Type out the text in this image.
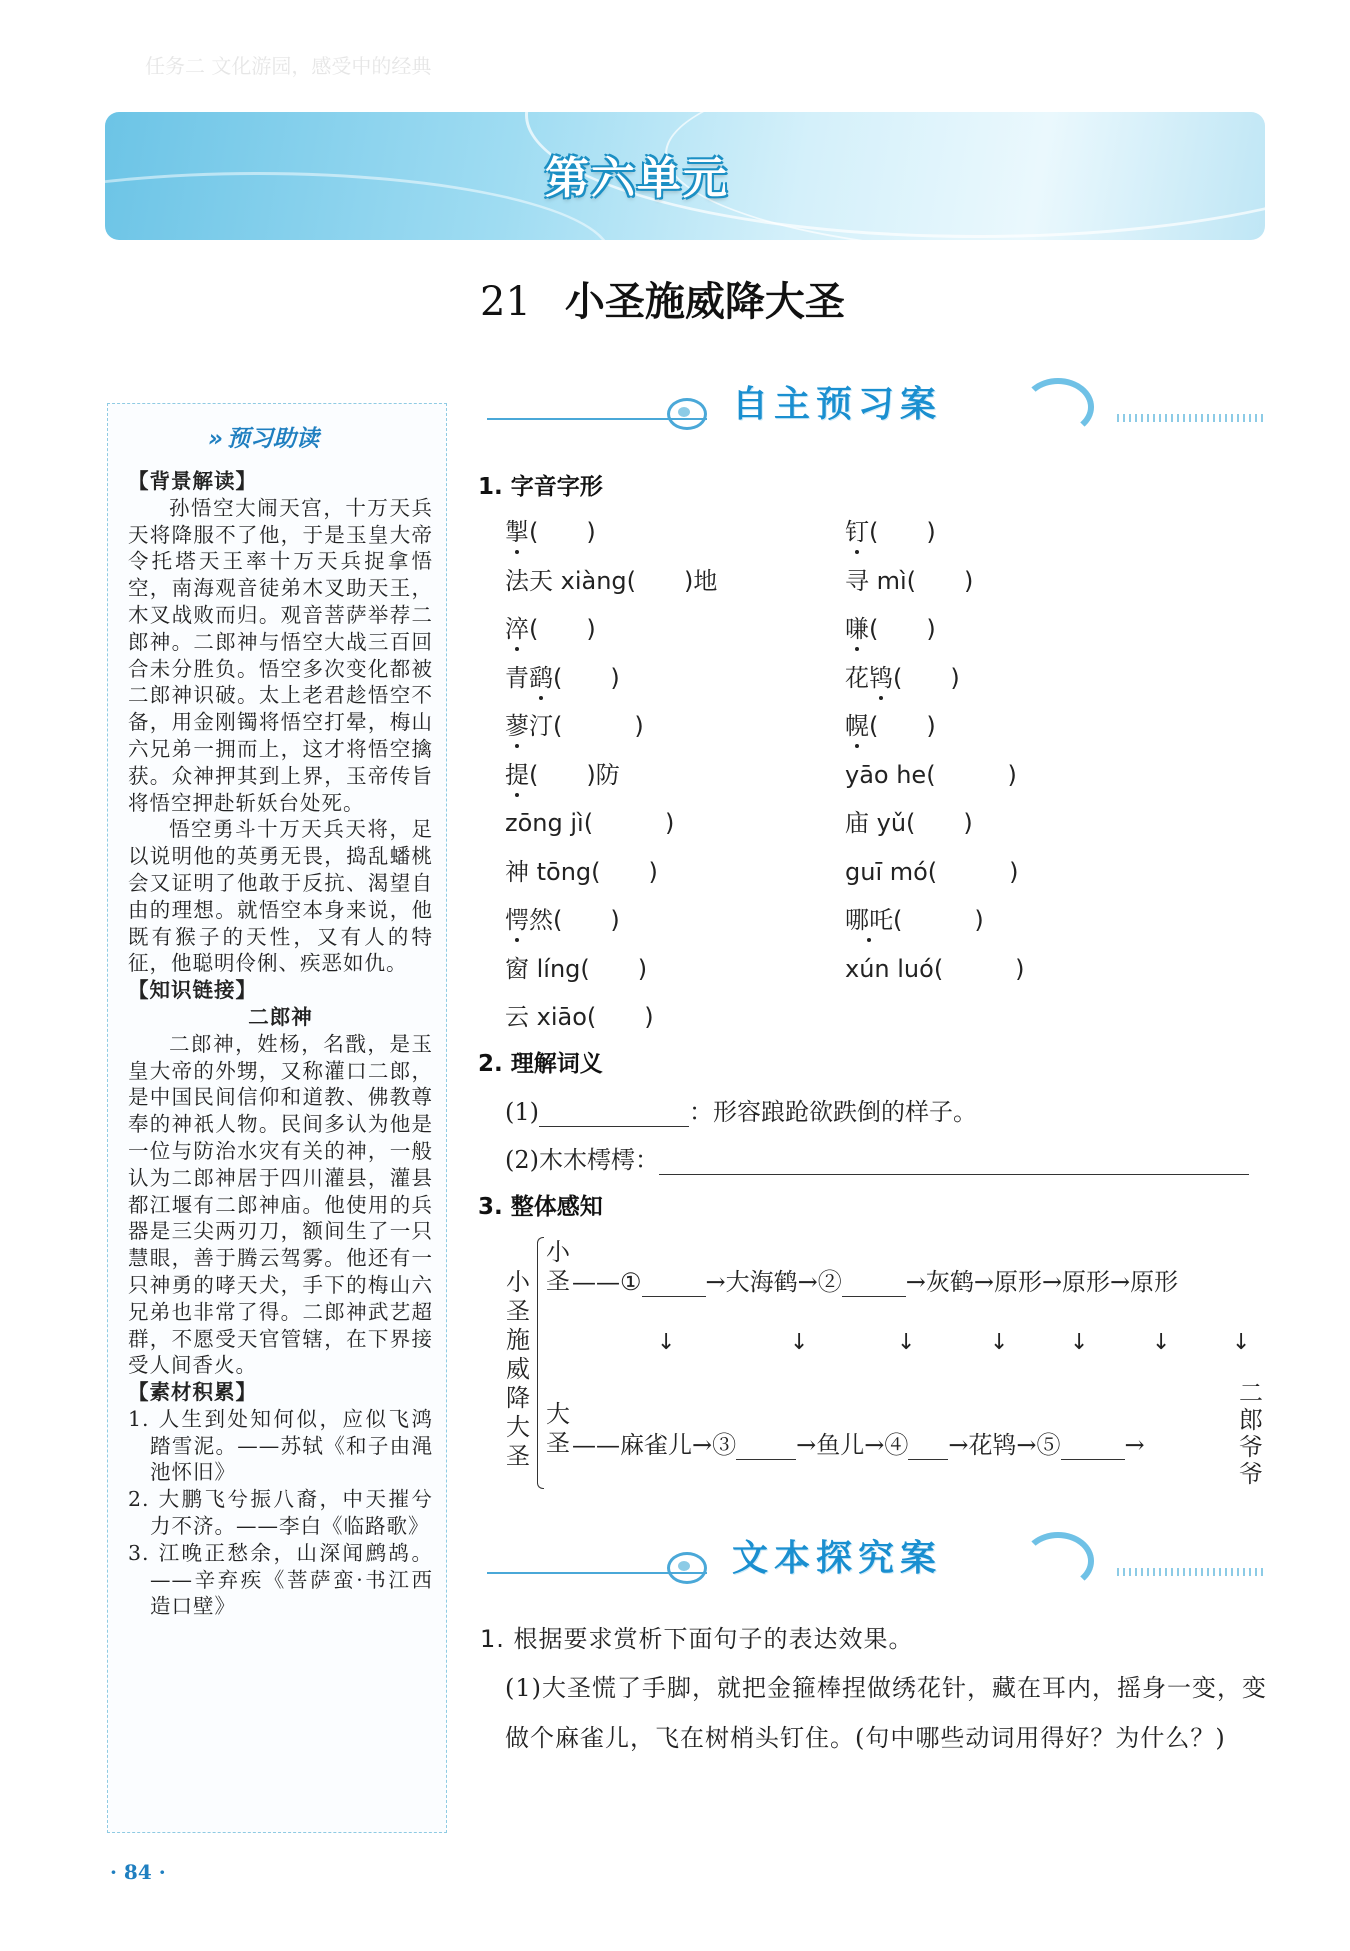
任务二 文化游园，感受中的经典
第六单元
21 小圣施威降大圣
» 预习助读
【背景解读】
孙悟空大闹天宫，十万天兵天将降服不了他，于是玉皇大帝令托塔天王率十万天兵捉拿悟空，南海观音徒弟木叉助天王，木叉战败而归。观音菩萨举荐二郎神。二郎神与悟空大战三百回合未分胜负。悟空多次变化都被二郎神识破。太上老君趁悟空不备，用金刚镯将悟空打晕，梅山六兄弟一拥而上，这才将悟空擒获。众神押其到上界，玉帝传旨将悟空押赴斩妖台处死。
悟空勇斗十万天兵天将，足以说明他的英勇无畏，捣乱蟠桃会又证明了他敢于反抗、渴望自由的理想。就悟空本身来说，他既有猴子的天性，又有人的特征，他聪明伶俐、疾恶如仇。
【知识链接】
二郎神
二郎神，姓杨，名戬，是玉皇大帝的外甥，又称灌口二郎，是中国民间信仰和道教、佛教尊奉的神祇人物。民间多认为他是一位与防治水灾有关的神，一般认为二郎神居于四川灌县，灌县都江堰有二郎神庙。他使用的兵器是三尖两刃刀，额间生了一只慧眼，善于腾云驾雾。他还有一只神勇的哮天犬，手下的梅山六兄弟也非常了得。二郎神武艺超群，不愿受天官管辖，在下界接受人间香火。
【素材积累】
1. 人生到处知何似，应似飞鸿踏雪泥。——苏轼《和子由渑池怀旧》
2. 大鹏飞兮振八裔，中天摧兮力不济。——李白《临路歌》
3. 江晚正愁余，山深闻鹧鸪。——辛弃疾《菩萨蛮·书江西造口壁》
自主预习案
1. 字音字形
掣(　　)
法天 xiàng(　　)地
淬(　　)
青鹞(　　)
蓼汀(　　　)
提(　　)防
zōng jì(　　　)
神 tōng(　　)
愕然(　　)
窗 líng(　　)
云 xiāo(　　)
钉(　　)
寻 mì(　　)
嗛(　　)
花鸨(　　)
幌(　　)
yāo he(　　　)
庙 yǔ(　　)
guī mó(　　　)
哪吒(　　　)
xún luó(　　　)
2. 理解词义
(1)	：形容踉跄欲跌倒的样子。
(2)木木樗樗：
3. 整体感知
小圣施威降大圣
小圣
大圣
——①	→大海鹤→②	→灰鹤→原形→原形→原形
↓	↓	↓	↓	↓	↓	↓
——麻雀儿→③	→鱼儿→④ →花鸨→⑤	→
二郎爷爷
文本探究案
1. 根据要求赏析下面句子的表达效果。
(1)大圣慌了手脚，就把金箍棒捏做绣花针，藏在耳内，摇身一变，变
做个麻雀儿，飞在树梢头钉住。(句中哪些动词用得好？为什么？)
· 84 ·
